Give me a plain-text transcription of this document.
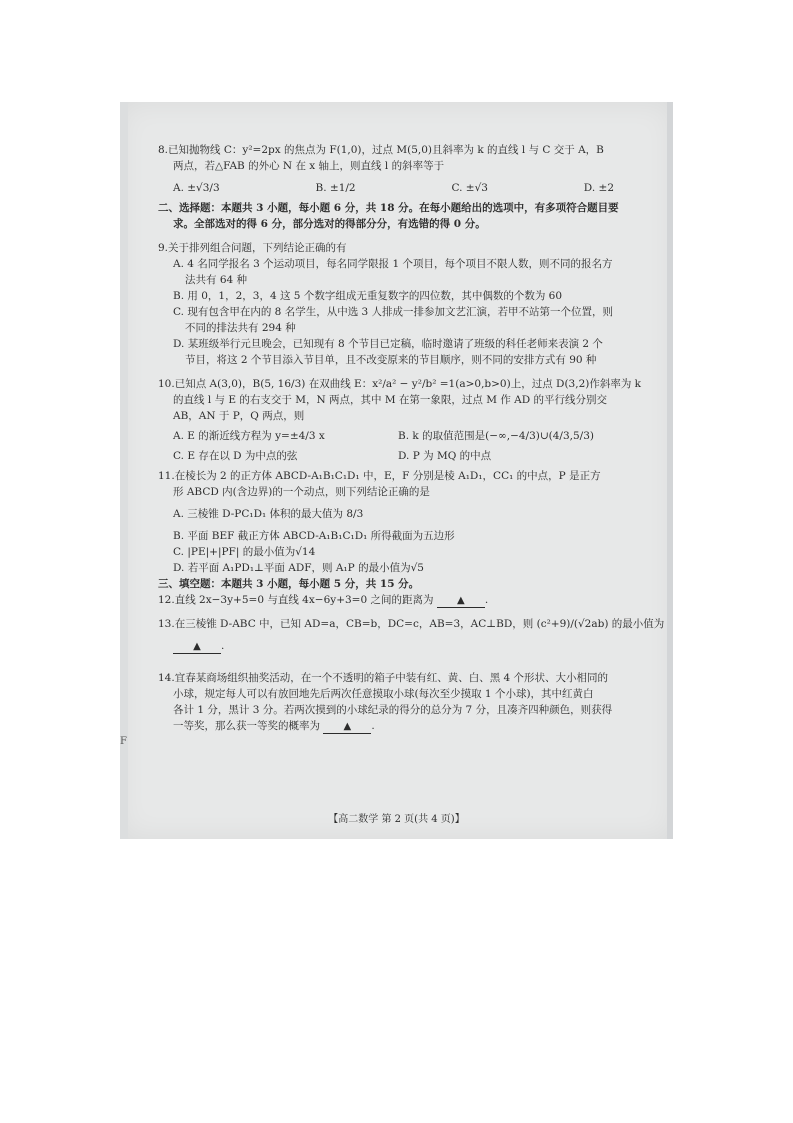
F
8.已知抛物线 C：y²=2px 的焦点为 F(1,0)，过点 M(5,0)且斜率为 k 的直线 l 与 C 交于 A，B
两点，若△FAB 的外心 N 在 x 轴上，则直线 l 的斜率等于
A. ±√3/3	B. ±1/2	C. ±√3	D. ±2
二、选择题：本题共 3 小题，每小题 6 分，共 18 分。在每小题给出的选项中，有多项符合题目要
求。全部选对的得 6 分，部分选对的得部分分，有选错的得 0 分。
9.关于排列组合问题，下列结论正确的有
A. 4 名同学报名 3 个运动项目，每名同学限报 1 个项目，每个项目不限人数，则不同的报名方
法共有 64 种
B. 用 0，1，2，3，4 这 5 个数字组成无重复数字的四位数，其中偶数的个数为 60
C. 现有包含甲在内的 8 名学生，从中选 3 人排成一排参加文艺汇演，若甲不站第一个位置，则
不同的排法共有 294 种
D. 某班级举行元旦晚会，已知现有 8 个节目已定稿，临时邀请了班级的科任老师来表演 2 个
节目，将这 2 个节目添入节目单，且不改变原来的节目顺序，则不同的安排方式有 90 种
10.已知点 A(3,0)，B(5, 16/3) 在双曲线 E：x²/a² − y²/b² =1(a>0,b>0)上，过点 D(3,2)作斜率为 k
的直线 l 与 E 的右支交于 M，N 两点，其中 M 在第一象限，过点 M 作 AD 的平行线分别交
AB，AN 于 P，Q 两点，则
A. E 的渐近线方程为 y=±4/3 x	B. k 的取值范围是(−∞,−4/3)∪(4/3,5/3)
C. E 存在以 D 为中点的弦	D. P 为 MQ 的中点
11.在棱长为 2 的正方体 ABCD-A₁B₁C₁D₁ 中，E，F 分别是棱 A₁D₁，CC₁ 的中点，P 是正方
形 ABCD 内(含边界)的一个动点，则下列结论正确的是
A. 三棱锥 D-PC₁D₁ 体积的最大值为 8/3
B. 平面 BEF 截正方体 ABCD-A₁B₁C₁D₁ 所得截面为五边形
C. |PE|+|PF| 的最小值为√14
D. 若平面 A₁PD₁⊥平面 ADF，则 A₁P 的最小值为√5
三、填空题：本题共 3 小题，每小题 5 分，共 15 分。
12.直线 2x−3y+5=0 与直线 4x−6y+3=0 之间的距离为 ▲ .
13.在三棱锥 D-ABC 中，已知 AD=a，CB=b，DC=c，AB=3，AC⊥BD，则 (c²+9)/(√2ab) 的最小值为
▲ .
14.宜春某商场组织抽奖活动，在一个不透明的箱子中装有红、黄、白、黑 4 个形状、大小相同的
小球，规定每人可以有放回地先后两次任意摸取小球(每次至少摸取 1 个小球)，其中红黄白
各计 1 分，黑计 3 分。若两次摸到的小球纪录的得分的总分为 7 分，且凑齐四种颜色，则获得
一等奖，那么获一等奖的概率为 ▲ .
【高二数学 第 2 页(共 4 页)】
